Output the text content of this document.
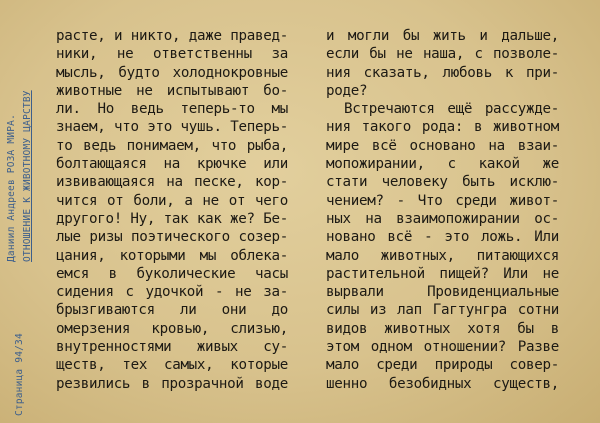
Даниил Андреев РОЗА МИРА. ОТНОШЕНИЕ К ЖИВОТНОМУ ЦАРСТВУ
Страница 94/34
расте, и никто, даже правед-
ники, не ответственны за
мысль, будто холоднокровные
животные не испытывают бо-
ли. Но ведь теперь-то мы
знаем, что это чушь. Теперь-
то ведь понимаем, что рыба,
болтающаяся на крючке или
извивающаяся на песке, кор-
чится от боли, а не от чего
другого! Ну, так как же? Бе-
лые ризы поэтического созер-
цания, которыми мы облека-
емся в буколические часы
сидения с удочкой - не за-
брызгиваются ли они до
омерзения кровью, слизью,
внутренностями живых су-
ществ, тех самых, которые
резвились в прозрачной воде
и могли бы жить и дальше,
если бы не наша, с позволе-
ния сказать, любовь к при-
роде?
Встречаются ещё рассужде-
ния такого рода: в животном
мире всё основано на взаи-
мопожирании, с какой же
стати человеку быть исклю-
чением? - Что среди живот-
ных на взаимопожирании ос-
новано всё - это ложь. Или
мало животных, питающихся
растительной пищей? Или не
вырвали Провиденциальные
силы из лап Гагтунгра сотни
видов животных хотя бы в
этом одном отношении? Разве
мало среди природы совер-
шенно безобидных существ,
